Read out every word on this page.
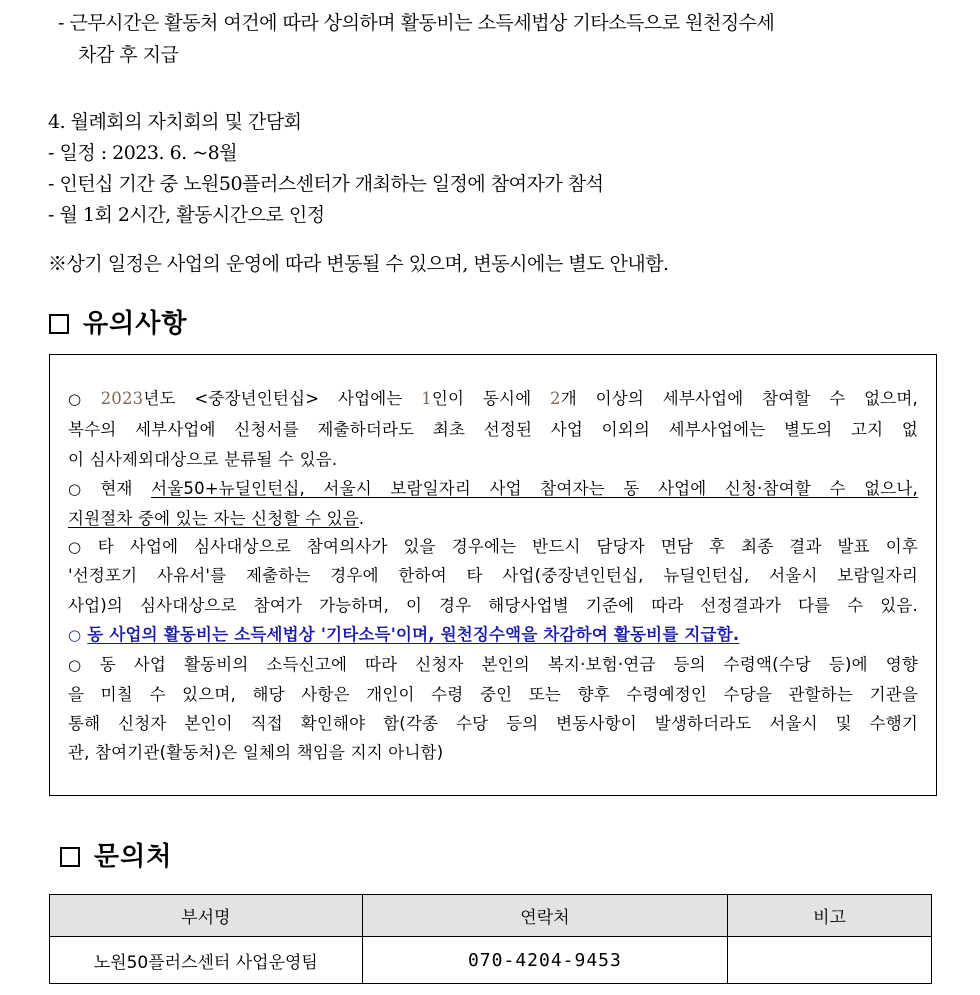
- 근무시간은 활동처 여건에 따라 상의하며 활동비는 소득세법상 기타소득으로 원천징수세
차감 후 지급
4. 월례회의 자치회의 및 간담회
- 일정 : 2023. 6. ~8월
- 인턴십 기간 중 노원50플러스센터가 개최하는 일정에 참여자가 참석
- 월 1회 2시간, 활동시간으로 인정
※상기 일정은 사업의 운영에 따라 변동될 수 있으며, 변동시에는 별도 안내함.
유의사항
○ 2023년도 <중장년인턴십> 사업에는 1인이 동시에 2개 이상의 세부사업에 참여할 수 없으며,
복수의 세부사업에 신청서를 제출하더라도 최초 선정된 사업 이외의 세부사업에는 별도의 고지 없
이 심사제외대상으로 분류될 수 있음.
○ 현재 서울50+뉴딜인턴십, 서울시 보람일자리 사업 참여자는 동 사업에 신청·참여할 수 없으나,
지원절차 중에 있는 자는 신청할 수 있음.
○ 타 사업에 심사대상으로 참여의사가 있을 경우에는 반드시 담당자 면담 후 최종 결과 발표 이후
'선정포기 사유서'를 제출하는 경우에 한하여 타 사업(중장년인턴십, 뉴딜인턴십, 서울시 보람일자리
사업)의 심사대상으로 참여가 가능하며, 이 경우 해당사업별 기준에 따라 선정결과가 다를 수 있음.
○ 동 사업의 활동비는 소득세법상 '기타소득'이며, 원천징수액을 차감하여 활동비를 지급함.
○ 동 사업 활동비의 소득신고에 따라 신청자 본인의 복지·보험·연금 등의 수령액(수당 등)에 영향
을 미칠 수 있으며, 해당 사항은 개인이 수령 중인 또는 향후 수령예정인 수당을 관할하는 기관을
통해 신청자 본인이 직접 확인해야 함(각종 수당 등의 변동사항이 발생하더라도 서울시 및 수행기
관, 참여기관(활동처)은 일체의 책임을 지지 아니함)
문의처
부서명	연락처	비고
노원50플러스센터 사업운영팀	070-4204-9453	
